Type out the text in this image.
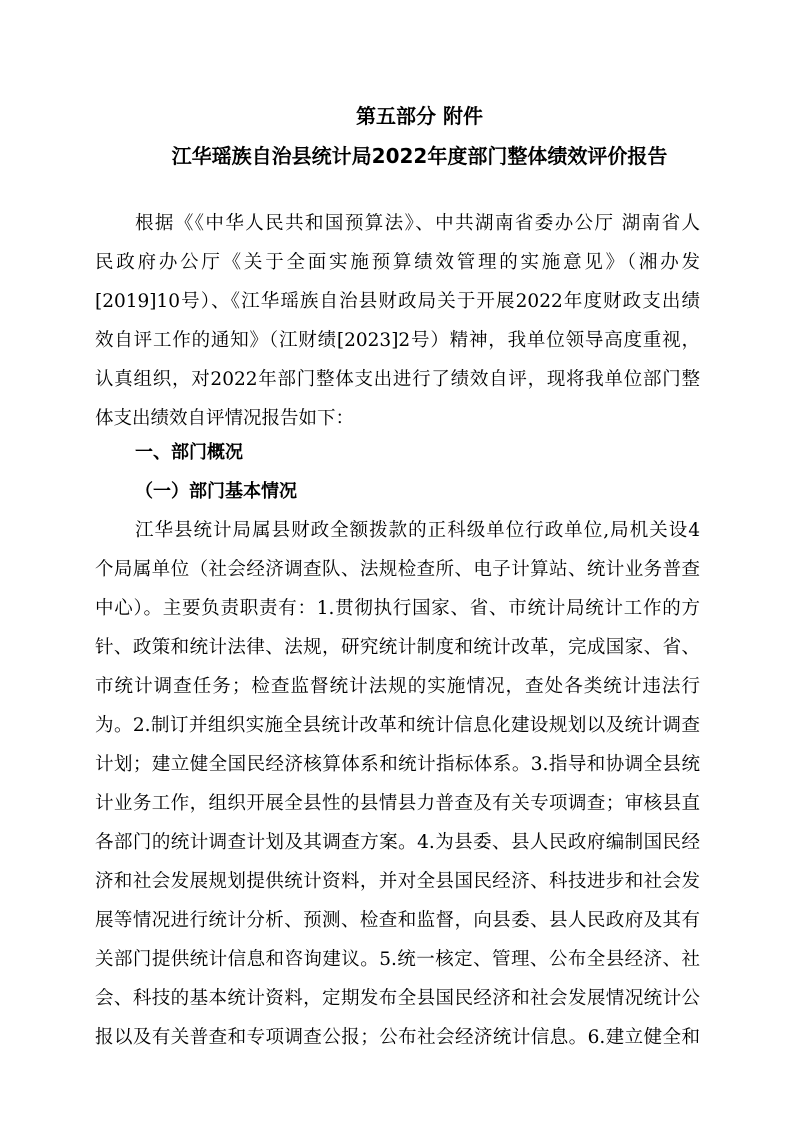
第五部分 附件
江华瑶族自治县统计局2022年度部门整体绩效评价报告
根据《《中华人民共和国预算法》、中共湖南省委办公厅 湖南省人
民政府办公厅《关于全面实施预算绩效管理的实施意见》（湘办发
[2019]10号）、《江华瑶族自治县财政局关于开展2022年度财政支出绩
效自评工作的通知》（江财绩[2023]2号）精神，我单位领导高度重视，
认真组织，对2022年部门整体支出进行了绩效自评，现将我单位部门整
体支出绩效自评情况报告如下：
一、部门概况
（一）部门基本情况
江华县统计局属县财政全额拨款的正科级单位行政单位,局机关设4
个局属单位（社会经济调查队、法规检查所、电子计算站、统计业务普查
中心）。主要负责职责有：1.贯彻执行国家、省、市统计局统计工作的方
针、政策和统计法律、法规，研究统计制度和统计改革，完成国家、省、
市统计调查任务；检查监督统计法规的实施情况，查处各类统计违法行
为。2.制订并组织实施全县统计改革和统计信息化建设规划以及统计调查
计划；建立健全国民经济核算体系和统计指标体系。3.指导和协调全县统
计业务工作，组织开展全县性的县情县力普查及有关专项调查；审核县直
各部门的统计调查计划及其调查方案。4.为县委、县人民政府编制国民经
济和社会发展规划提供统计资料，并对全县国民经济、科技进步和社会发
展等情况进行统计分析、预测、检查和监督，向县委、县人民政府及其有
关部门提供统计信息和咨询建议。5.统一核定、管理、公布全县经济、社
会、科技的基本统计资料，定期发布全县国民经济和社会发展情况统计公
报以及有关普查和专项调查公报；公布社会经济统计信息。6.建立健全和
